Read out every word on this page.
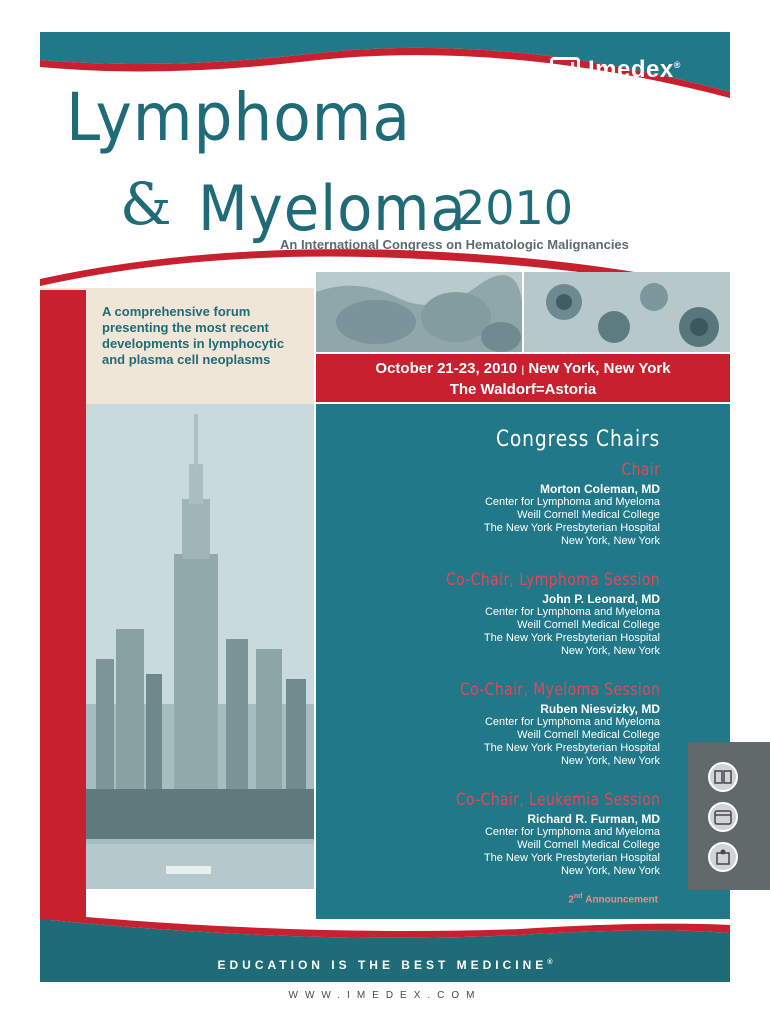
Imedex®
Lymphoma
& Myeloma
2010
An International Congress on Hematologic Malignancies
A comprehensive forum presenting the most recent developments in lymphocytic and plasma cell neoplasms
October 21-23, 2010 | New York, New York
The Waldorf=Astoria
Congress Chairs
Chair
Morton Coleman, MD
Center for Lymphoma and Myeloma
Weill Cornell Medical College
The New York Presbyterian Hospital
New York, New York
Co-Chair, Lymphoma Session
John P. Leonard, MD
Center for Lymphoma and Myeloma
Weill Cornell Medical College
The New York Presbyterian Hospital
New York, New York
Co-Chair, Myeloma Session
Ruben Niesvizky, MD
Center for Lymphoma and Myeloma
Weill Cornell Medical College
The New York Presbyterian Hospital
New York, New York
Co-Chair, Leukemia Session
Richard R. Furman, MD
Center for Lymphoma and Myeloma
Weill Cornell Medical College
The New York Presbyterian Hospital
New York, New York
2nd Announcement
EDUCATION IS THE BEST MEDICINE®
WWW.IMEDEX.COM
